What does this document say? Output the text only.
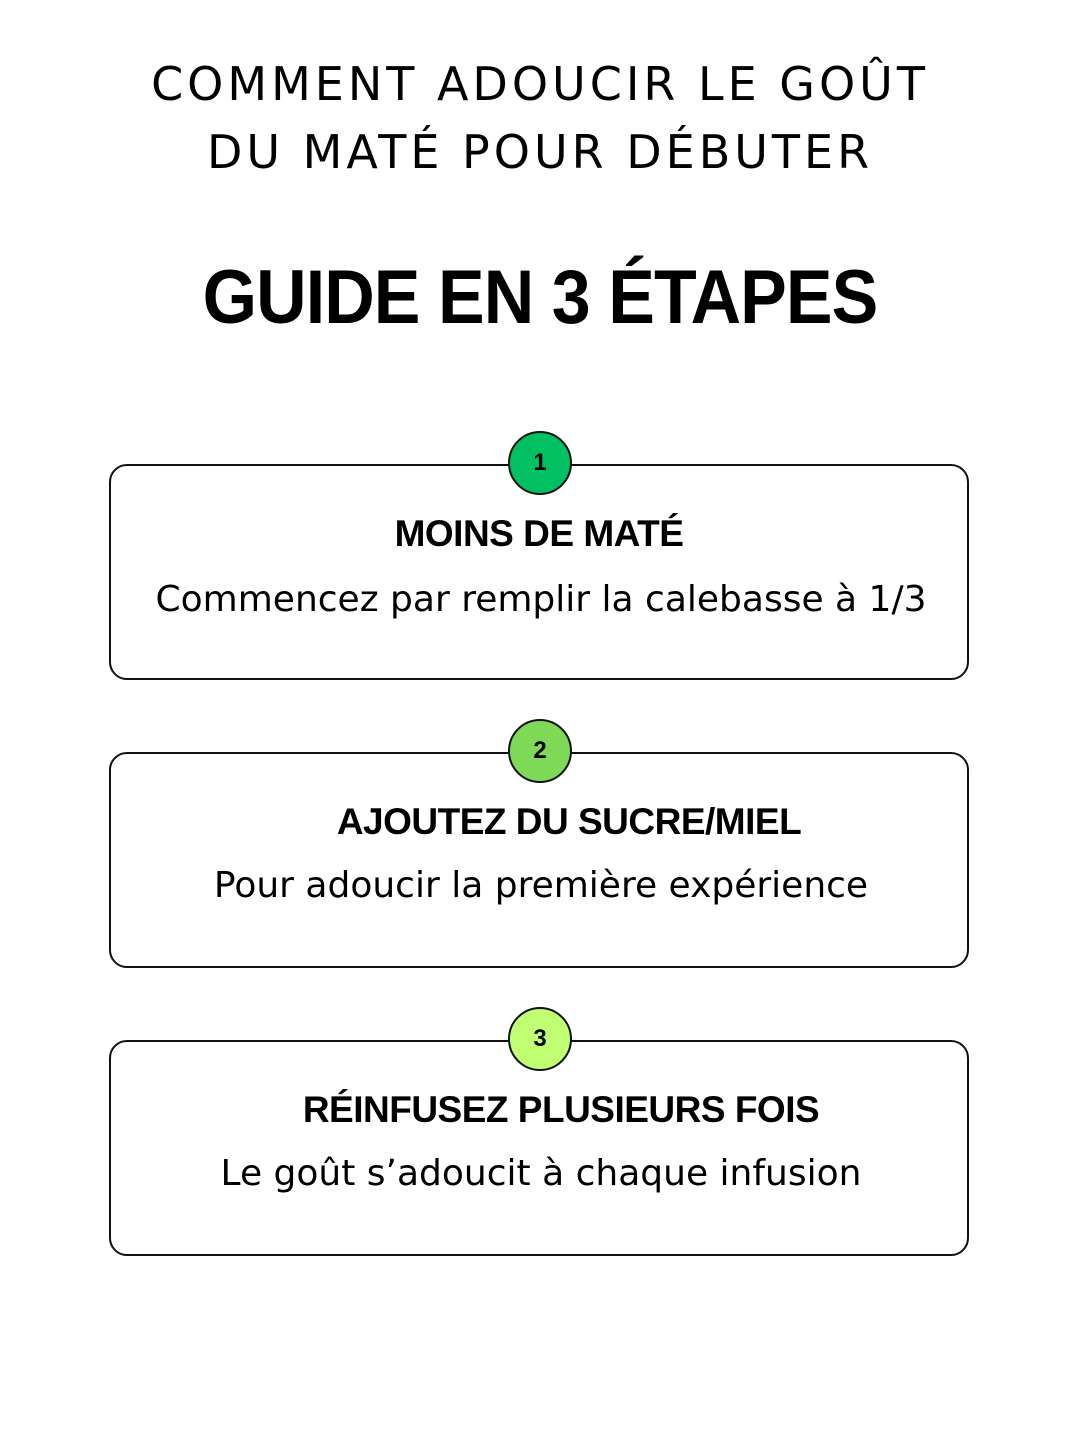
COMMENT ADOUCIR LE GOÛT
DU MATÉ POUR DÉBUTER
GUIDE EN 3 ÉTAPES
1
MOINS DE MATÉ
Commencez par remplir la calebasse à 1/3
2
AJOUTEZ DU SUCRE/MIEL
Pour adoucir la première expérience
3
RÉINFUSEZ PLUSIEURS FOIS
Le goût s’adoucit à chaque infusion
